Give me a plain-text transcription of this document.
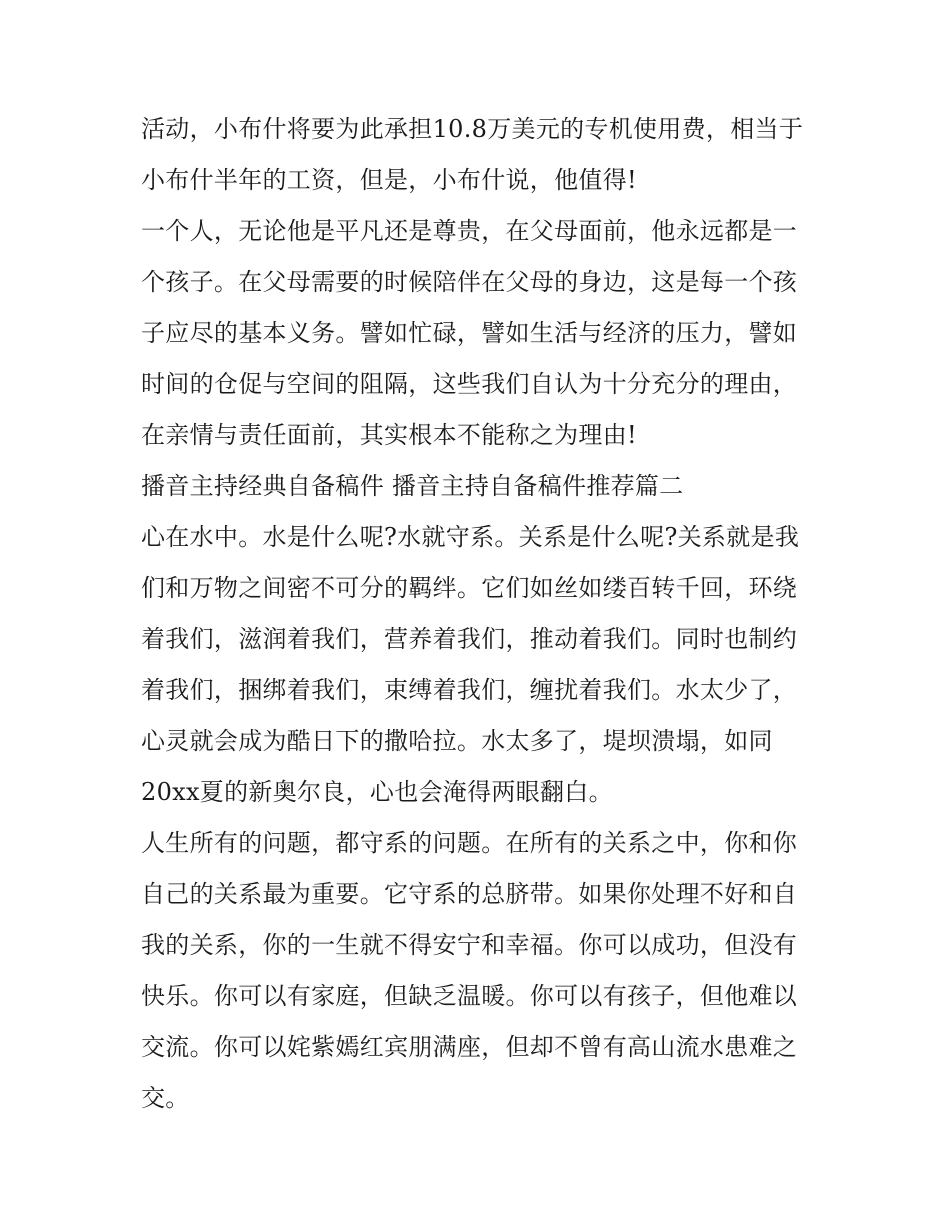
活动，小布什将要为此承担10.8万美元的专机使用费，相当于
小布什半年的工资，但是，小布什说，他值得!
一个人，无论他是平凡还是尊贵，在父母面前，他永远都是一
个孩子。在父母需要的时候陪伴在父母的身边，这是每一个孩
子应尽的基本义务。譬如忙碌，譬如生活与经济的压力，譬如
时间的仓促与空间的阻隔，这些我们自认为十分充分的理由，
在亲情与责任面前，其实根本不能称之为理由!
播音主持经典自备稿件 播音主持自备稿件推荐篇二
心在水中。水是什么呢?水就守系。关系是什么呢?关系就是我
们和万物之间密不可分的羁绊。它们如丝如缕百转千回，环绕
着我们，滋润着我们，营养着我们，推动着我们。同时也制约
着我们，捆绑着我们，束缚着我们，缠扰着我们。水太少了，
心灵就会成为酷日下的撒哈拉。水太多了，堤坝溃塌，如同
20xx夏的新奥尔良，心也会淹得两眼翻白。
人生所有的问题，都守系的问题。在所有的关系之中，你和你
自己的关系最为重要。它守系的总脐带。如果你处理不好和自
我的关系，你的一生就不得安宁和幸福。你可以成功，但没有
快乐。你可以有家庭，但缺乏温暖。你可以有孩子，但他难以
交流。你可以姹紫嫣红宾朋满座，但却不曾有高山流水患难之
交。
